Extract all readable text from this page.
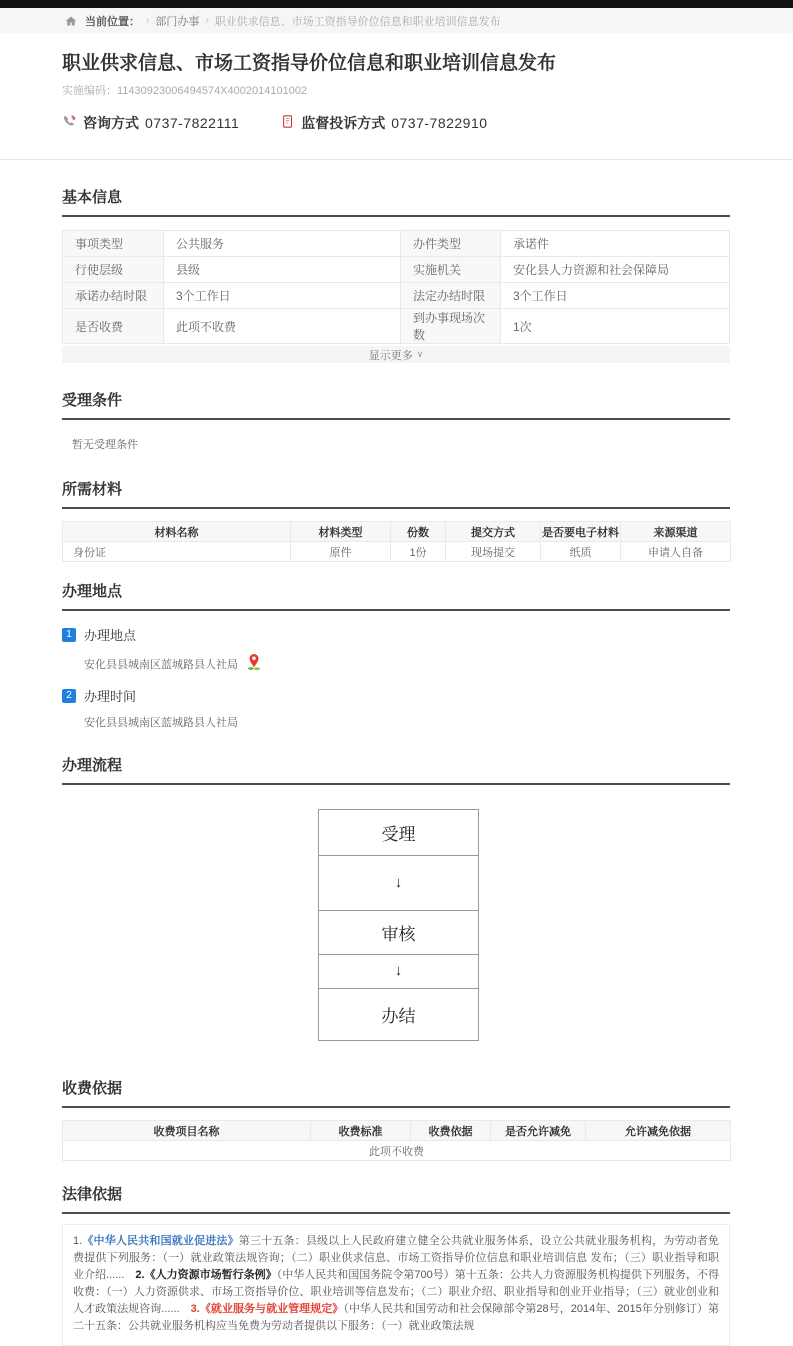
当前位置： › 部门办事 › 职业供求信息、市场工资指导价位信息和职业培训信息发布
职业供求信息、市场工资指导价位信息和职业培训信息发布
实施编码：11430923006494574X4002014101002
咨询方式 0737-7822111	监督投诉方式 0737-7822910
基本信息
事项类型	公共服务	办件类型	承诺件
行使层级	县级	实施机关	安化县人力资源和社会保障局
承诺办结时限	3个工作日	法定办结时限	3个工作日
是否收费	此项不收费	到办事现场次数	1次
显示更多 ∨
受理条件
暂无受理条件
所需材料
材料名称	材料类型	份数	提交方式	是否要电子材料	来源渠道
身份证	原件	1份	现场提交	纸质	申请人自备
办理地点
1 办理地点
安化县县城南区蓝城路县人社局
2 办理时间
安化县县城南区蓝城路县人社局
办理流程
受理
↓
审核
↓
办结
收费依据
收费项目名称	收费标准	收费依据	是否允许减免	允许减免依据
此项不收费
法律依据
1.《中华人民共和国就业促进法》第三十五条：县级以上人民政府建立健全公共就业服务体系，设立公共就业服务机构，为劳动者免费提供下列服务：（一）就业政策法规咨询；（二）职业供求信息、市场工资指导价位信息和职业培训信息 发布；（三）职业指导和职业介绍......　2.《人力资源市场暂行条例》（中华人民共和国国务院令第700号）第十五条：公共人力资源服务机构提供下列服务，不得 收费：（一）人力资源供求、市场工资指导价位、职业培训等信息发布；（二）职业介绍、职业指导和创业开业指导；（三）就业创业和人才政策法规咨询......　3.《就业服务与就业管理规定》（中华人民共和国劳动和社会保障部令第28号，2014年、2015年分别修订）第二十五条：公共就业服务机构应当免费为劳动者提供以下服务：（一）就业政策法规
